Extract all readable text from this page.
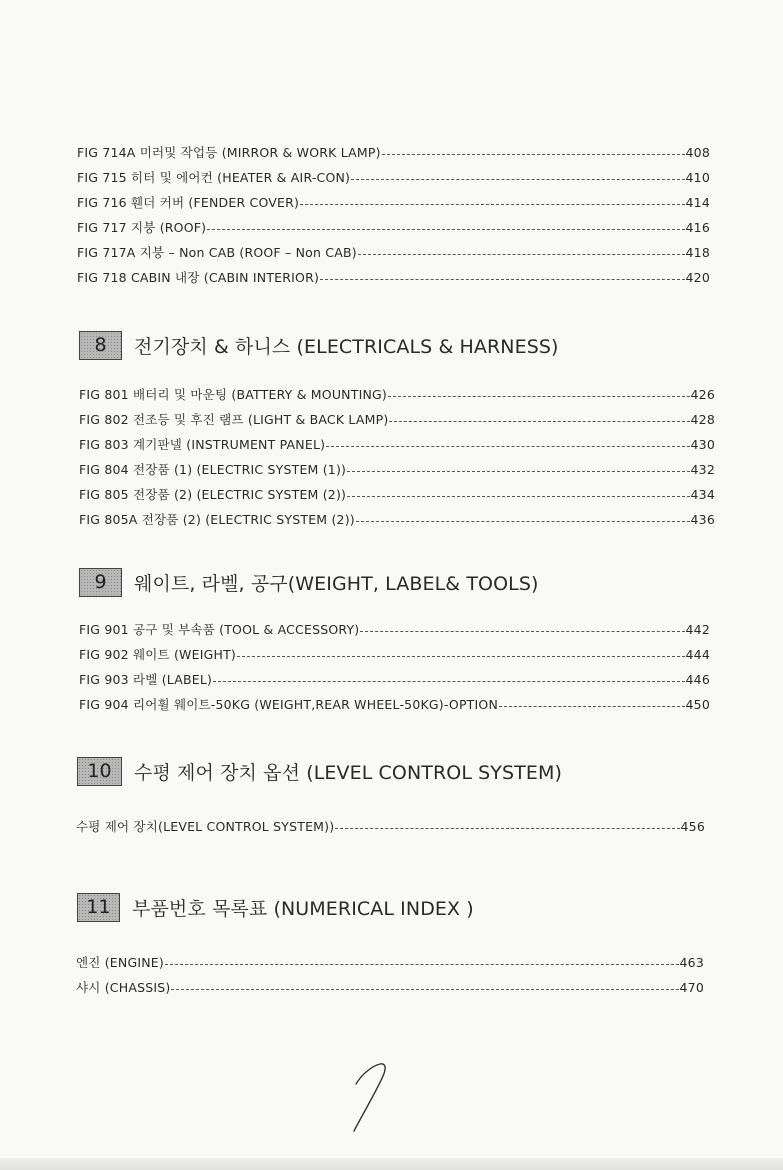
FIG 714A 미러및 작업등 (MIRROR & WORK LAMP)	408
FIG 715 히터 및 에어컨 (HEATER & AIR-CON)	410
FIG 716 휀더 커버 (FENDER COVER)	414
FIG 717 지붕 (ROOF)	416
FIG 717A 지붕 – Non CAB (ROOF – Non CAB)	418
FIG 718 CABIN 내장 (CABIN INTERIOR)	420
8	전기장치 & 하니스 (ELECTRICALS & HARNESS)
FIG 801 배터리 및 마운팅 (BATTERY & MOUNTING)	426
FIG 802 전조등 및 후진 램프 (LIGHT & BACK LAMP)	428
FIG 803 계기판넬 (INSTRUMENT PANEL)	430
FIG 804 전장품 (1) (ELECTRIC SYSTEM (1))	432
FIG 805 전장품 (2) (ELECTRIC SYSTEM (2))	434
FIG 805A 전장품 (2) (ELECTRIC SYSTEM (2))	436
9	웨이트, 라벨, 공구(WEIGHT, LABEL& TOOLS)
FIG 901 공구 및 부속품 (TOOL & ACCESSORY)	442
FIG 902 웨이트 (WEIGHT)	444
FIG 903 라벨 (LABEL)	446
FIG 904 리어휠 웨이트-50KG (WEIGHT,REAR WHEEL-50KG)-OPTION	450
10	수평 제어 장치 옵션 (LEVEL CONTROL SYSTEM)
수평 제어 장치(LEVEL CONTROL SYSTEM))	456
11	부품번호 목록표 (NUMERICAL INDEX )
엔진 (ENGINE)	463
샤시 (CHASSIS)	470
